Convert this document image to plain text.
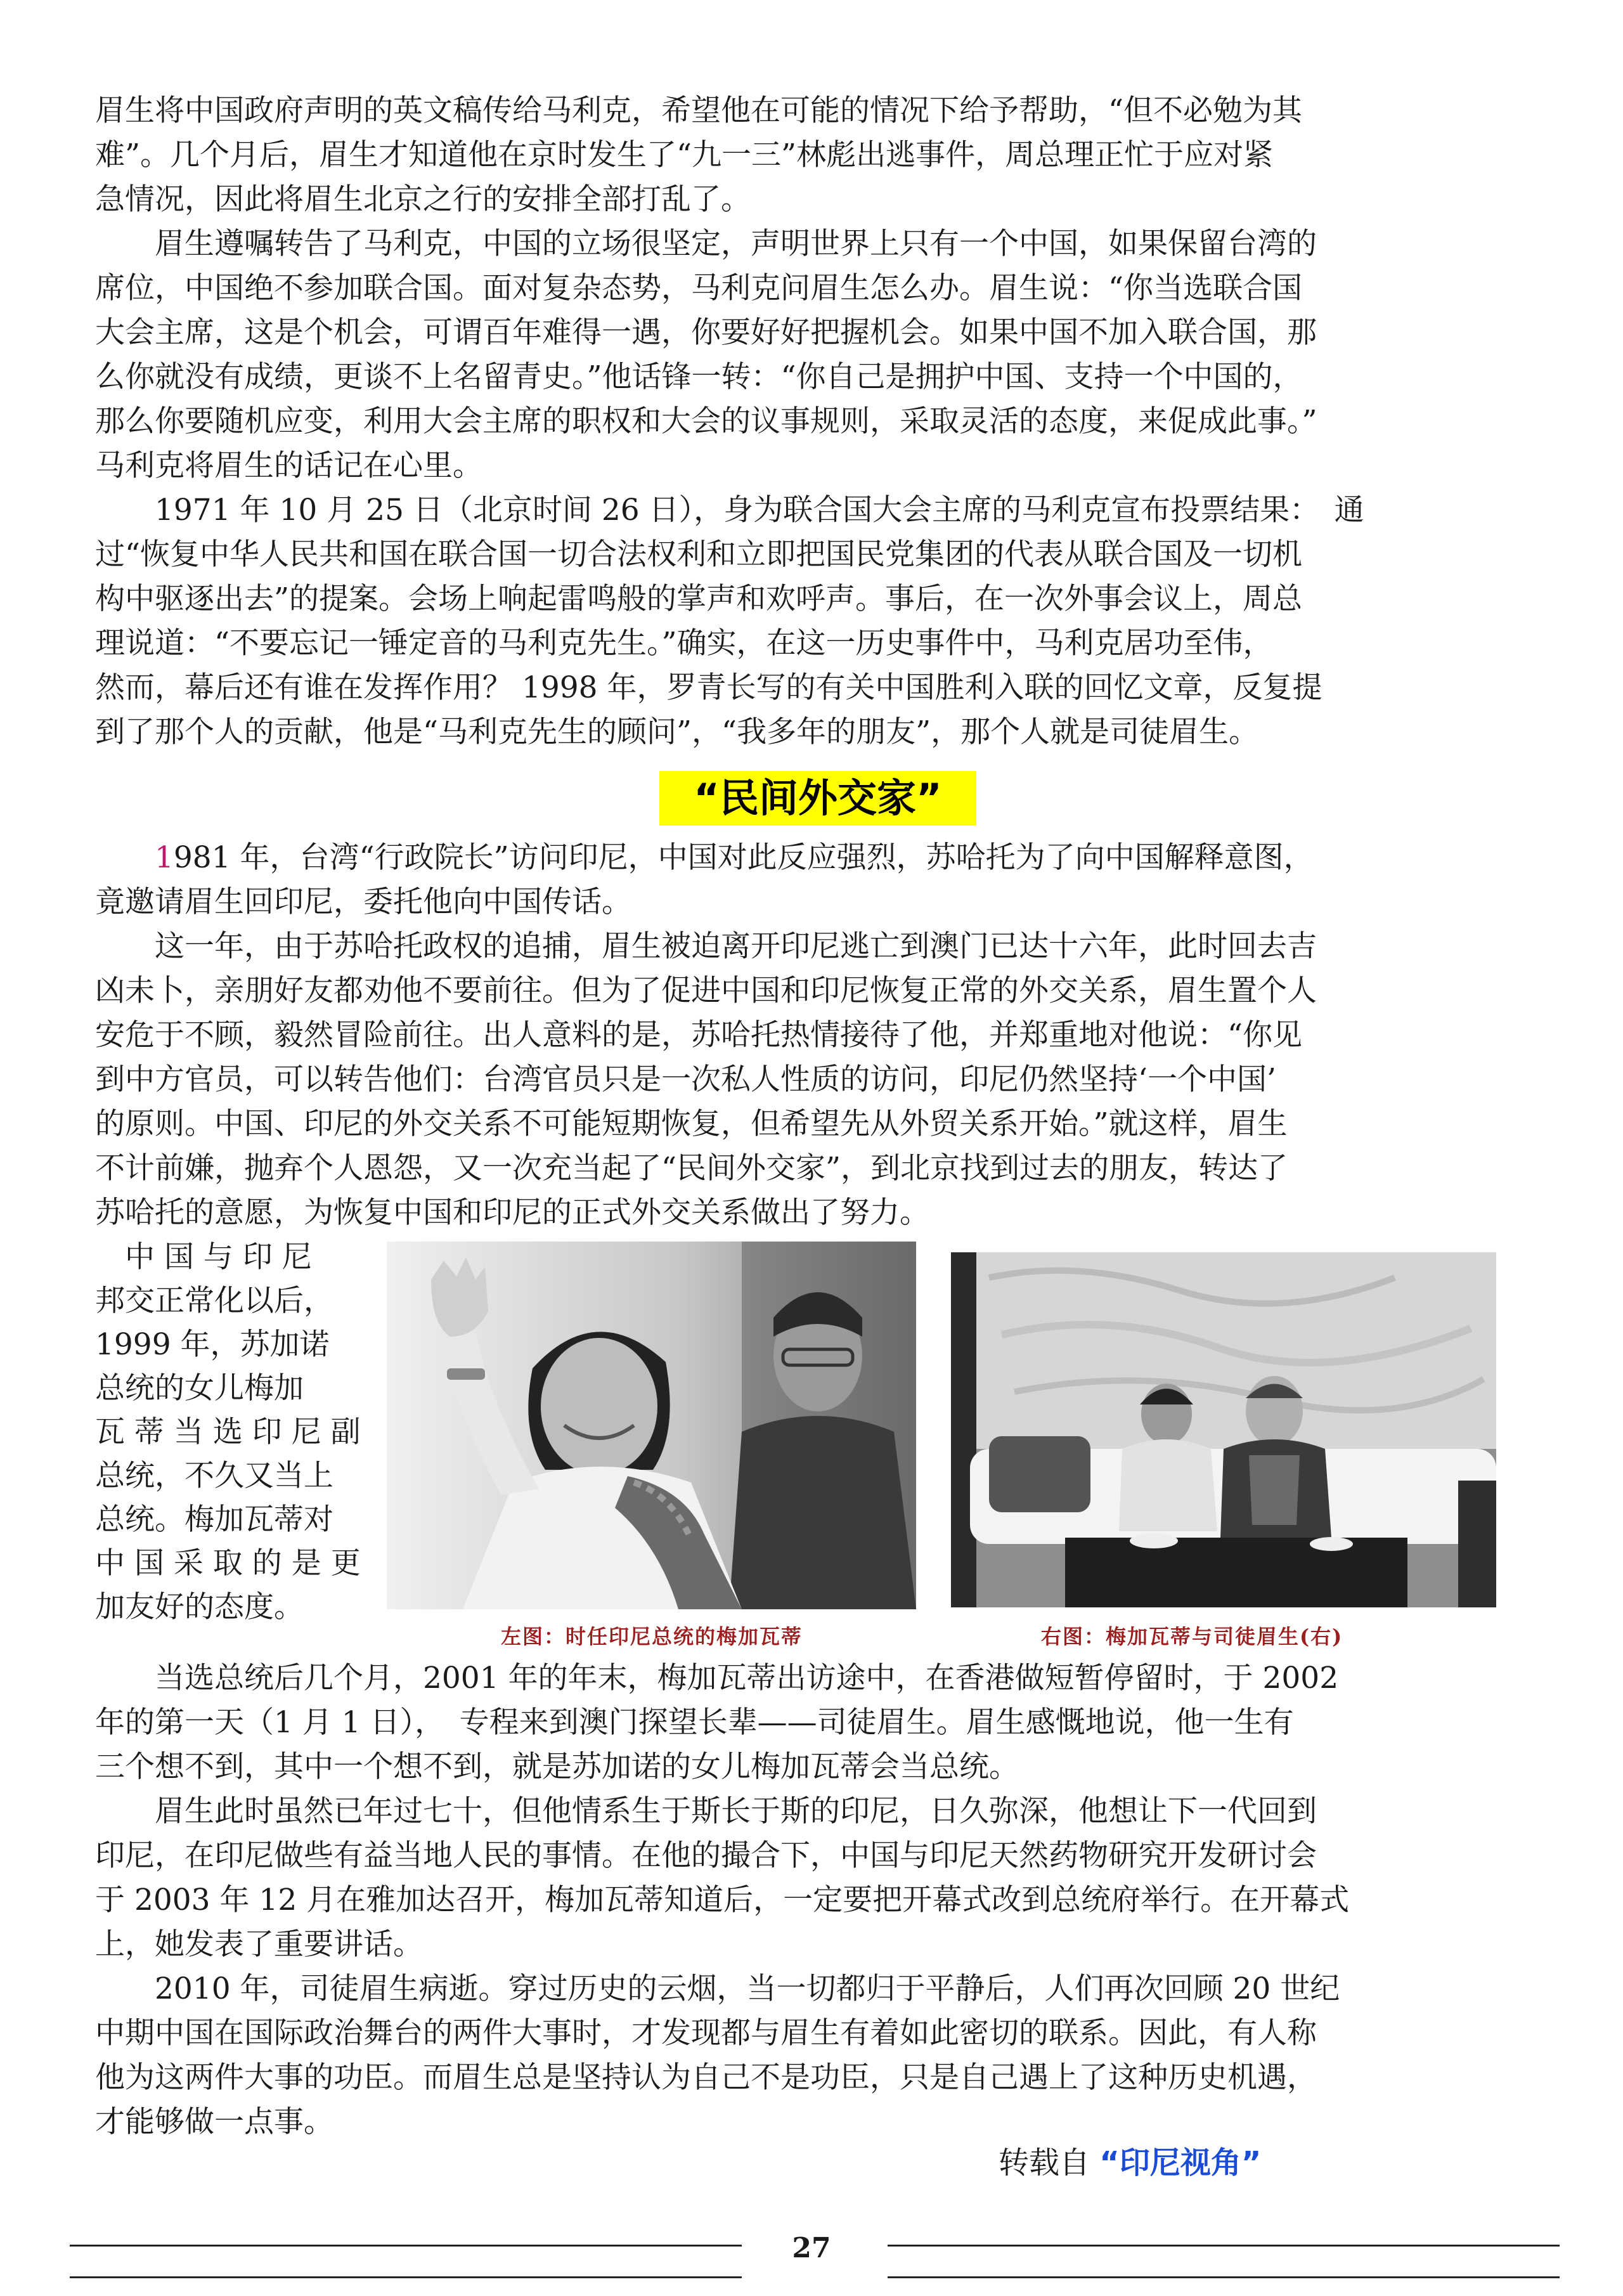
眉生将中国政府声明的英文稿传给马利克，希望他在可能的情况下给予帮助，“但不必勉为其
难”。几个月后，眉生才知道他在京时发生了“九一三”林彪出逃事件，周总理正忙于应对紧
急情况，因此将眉生北京之行的安排全部打乱了。
　　眉生遵嘱转告了马利克，中国的立场很坚定，声明世界上只有一个中国，如果保留台湾的
席位，中国绝不参加联合国。面对复杂态势，马利克问眉生怎么办。眉生说：“你当选联合国
大会主席，这是个机会，可谓百年难得一遇，你要好好把握机会。如果中国不加入联合国，那
么你就没有成绩，更谈不上名留青史。”他话锋一转：“你自己是拥护中国、支持一个中国的，
那么你要随机应变，利用大会主席的职权和大会的议事规则，采取灵活的态度，来促成此事。”
马利克将眉生的话记在心里。
　　1971 年 10 月 25 日（北京时间 26 日），身为联合国大会主席的马利克宣布投票结果：　通
过“恢复中华人民共和国在联合国一切合法权利和立即把国民党集团的代表从联合国及一切机
构中驱逐出去”的提案。会场上响起雷鸣般的掌声和欢呼声。事后，在一次外事会议上，周总
理说道：“不要忘记一锤定音的马利克先生。”确实，在这一历史事件中，马利克居功至伟，
然而，幕后还有谁在发挥作用？ 1998 年，罗青长写的有关中国胜利入联的回忆文章，反复提
到了那个人的贡献，他是“马利克先生的顾问”，“我多年的朋友”，那个人就是司徒眉生。
“民间外交家”
　　1981 年，台湾“行政院长”访问印尼，中国对此反应强烈，苏哈托为了向中国解释意图，
竟邀请眉生回印尼，委托他向中国传话。
　　这一年，由于苏哈托政权的追捕，眉生被迫离开印尼逃亡到澳门已达十六年，此时回去吉
凶未卜，亲朋好友都劝他不要前往。但为了促进中国和印尼恢复正常的外交关系，眉生置个人
安危于不顾，毅然冒险前往。出人意料的是，苏哈托热情接待了他，并郑重地对他说：“你见
到中方官员，可以转告他们：台湾官员只是一次私人性质的访问，印尼仍然坚持‘一个中国’
的原则。中国、印尼的外交关系不可能短期恢复，但希望先从外贸关系开始。”就这样，眉生
不计前嫌，抛弃个人恩怨，又一次充当起了“民间外交家”，到北京找到过去的朋友，转达了
苏哈托的意愿，为恢复中国和印尼的正式外交关系做出了努力。
　中 国 与 印 尼
邦交正常化以后，
1999 年，苏加诺
总统的女儿梅加
瓦 蒂 当 选 印 尼 副
总统，不久又当上
总统。梅加瓦蒂对
中 国 采 取 的 是 更
加友好的态度。
左图：时任印尼总统的梅加瓦蒂	右图：梅加瓦蒂与司徒眉生(右)
　　当选总统后几个月，2001 年的年末，梅加瓦蒂出访途中，在香港做短暂停留时，于 2002
年的第一天（1 月 1 日），　专程来到澳门探望长辈——司徒眉生。眉生感慨地说，他一生有
三个想不到，其中一个想不到，就是苏加诺的女儿梅加瓦蒂会当总统。
　　眉生此时虽然已年过七十，但他情系生于斯长于斯的印尼，日久弥深，他想让下一代回到
印尼，在印尼做些有益当地人民的事情。在他的撮合下，中国与印尼天然药物研究开发研讨会
于 2003 年 12 月在雅加达召开，梅加瓦蒂知道后，一定要把开幕式改到总统府举行。在开幕式
上，她发表了重要讲话。
　　2010 年，司徒眉生病逝。穿过历史的云烟，当一切都归于平静后，人们再次回顾 20 世纪
中期中国在国际政治舞台的两件大事时，才发现都与眉生有着如此密切的联系。因此，有人称
他为这两件大事的功臣。而眉生总是坚持认为自己不是功臣，只是自己遇上了这种历史机遇，
才能够做一点事。
转载自 “印尼视角”
27
